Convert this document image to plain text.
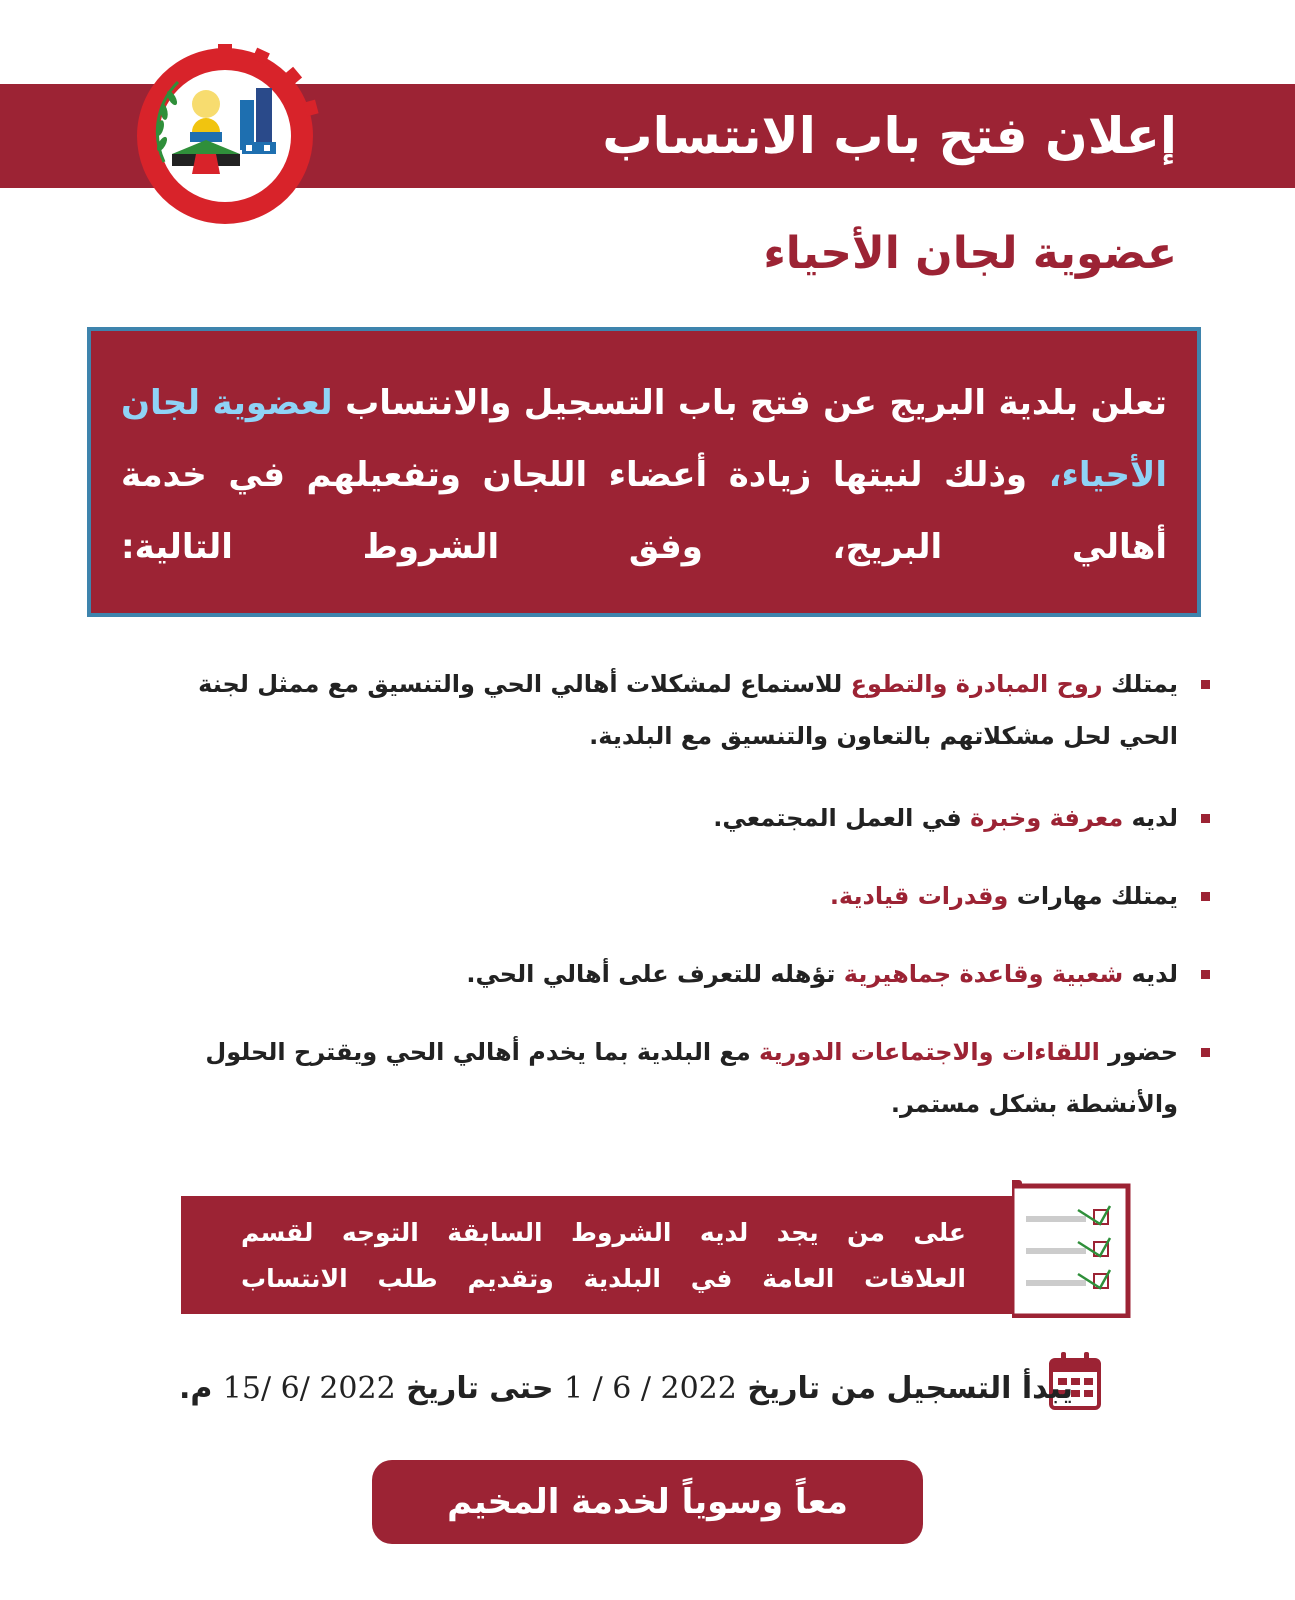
إعلان فتح باب الانتساب
عضوية لجان الأحياء
تعلن بلدية البريج عن فتح باب التسجيل والانتساب لعضوية لجان الأحياء، وذلك لنيتها زيادة أعضاء اللجان وتفعيلهم في خدمة أهالي البريج، وفق الشروط التالية:
يمتلك روح المبادرة والتطوع للاستماع لمشكلات أهالي الحي والتنسيق مع ممثل لجنة الحي لحل مشكلاتهم بالتعاون والتنسيق مع البلدية.
لديه معرفة وخبرة في العمل المجتمعي.
يمتلك مهارات وقدرات قيادية.
لديه شعبية وقاعدة جماهيرية تؤهله للتعرف على أهالي الحي.
حضور اللقاءات والاجتماعات الدورية مع البلدية بما يخدم أهالي الحي ويقترح الحلول والأنشطة بشكل مستمر.
على من يجد لديه الشروط السابقة التوجه لقسم
العلاقات العامة في البلدية وتقديم طلب الانتساب
يبدأ التسجيل من تاريخ 1 / 6 / 2022 حتى تاريخ 15/ 6/ 2022 م.
معاً وسوياً لخدمة المخيم
